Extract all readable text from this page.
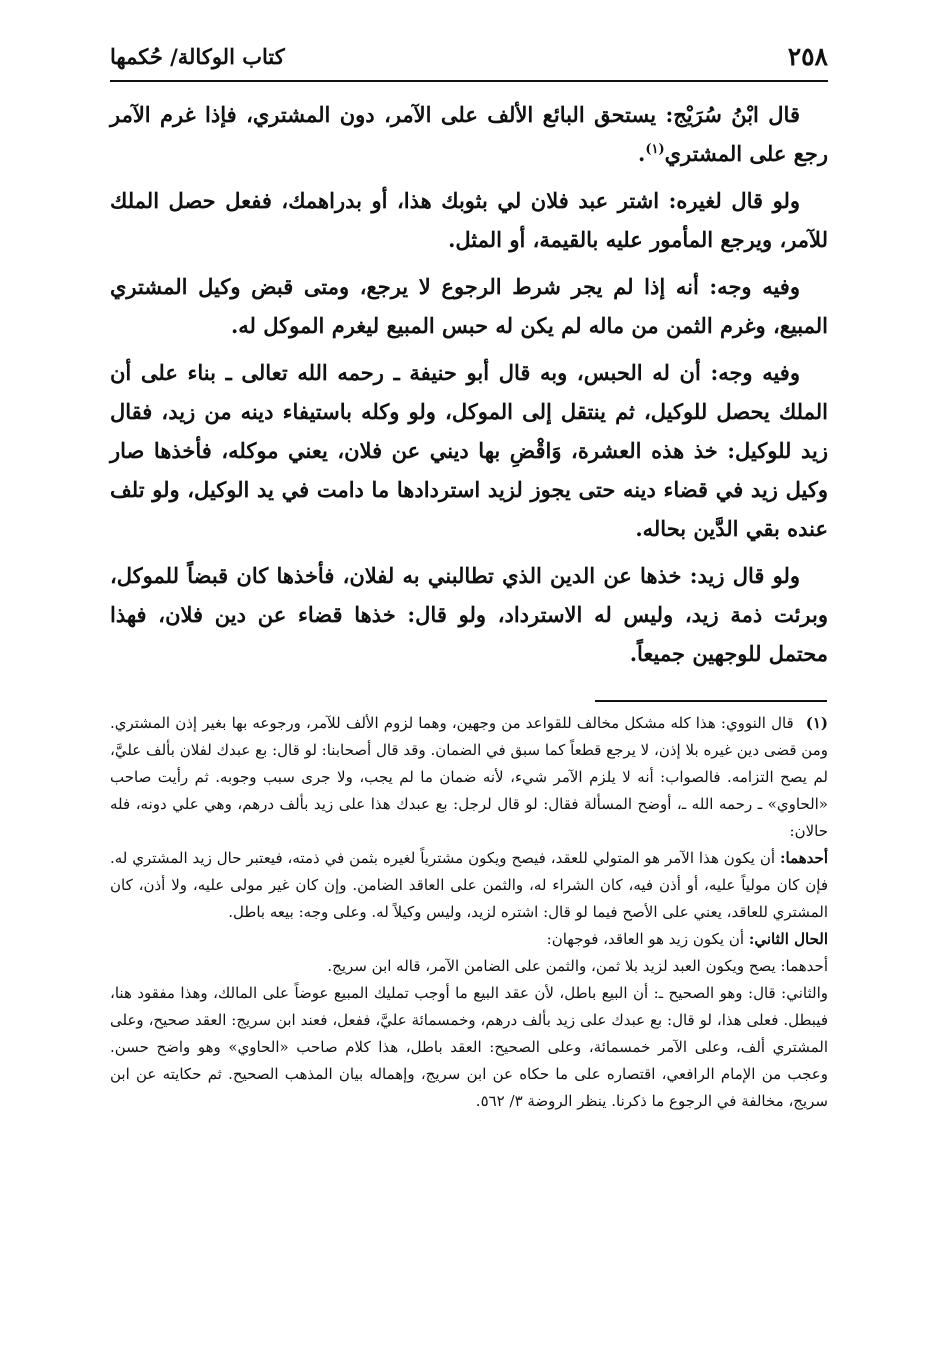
٢٥٨
كتاب الوكالة/ حُكمها

قال ابْنُ سُرَيْج: يستحق البائع الألف على الآمر، دون المشتري، فإذا غرم الآمر رجع على المشتري$^{(١)}$.

ولو قال لغيره: اشتر عبد فلان لي بثوبك هذا، أو بدراهمك، ففعل حصل الملك للآمر، ويرجع المأمور عليه بالقيمة، أو المثل.

وفيه وجه: أنه إذا لم يجر شرط الرجوع لا يرجع، ومتى قبض وكيل المشتري المبيع، وغرم الثمن من ماله لم يكن له حبس المبيع ليغرم الموكل له.

وفيه وجه: أن له الحبس، وبه قال أبو حنيفة ـ رحمه الله تعالى ـ بناء على أن الملك يحصل للوكيل، ثم ينتقل إلى الموكل، ولو وكله باستيفاء دينه من زيد، فقال زيد للوكيل: خذ هذه العشرة، وَاقْضِ بها ديني عن فلان، يعني موكله، فأخذها صار وكيل زيد في قضاء دينه حتى يجوز لزيد استردادها ما دامت في يد الوكيل، ولو تلف عنده بقي الدَّين بحاله.

ولو قال زيد: خذها عن الدين الذي تطالبني به لفلان، فأخذها كان قبضاً للموكل، وبرئت ذمة زيد، وليس له الاسترداد، ولو قال: خذها قضاء عن دين فلان، فهذا محتمل للوجهين جميعاً.

(١)قال النووي: هذا كله مشكل مخالف للقواعد من وجهين، وهما لزوم الألف للآمر، ورجوعه بها بغير إذن المشتري. ومن قضى دين غيره بلا إذن، لا يرجع قطعاً كما سبق في الضمان. وقد قال أصحابنا: لو قال: بع عبدك لفلان بألف عليَّ، لم يصح التزامه. فالصواب: أنه لا يلزم الآمر شيء، لأنه ضمان ما لم يجب، ولا جرى سبب وجوبه. ثم رأيت صاحب «الحاوي» ـ رحمه الله ـ، أوضح المسألة فقال: لو قال لرجل: بع عبدك هذا على زيد بألف درهم، وهي علي دونه، فله حالان:

أحدهما: أن يكون هذا الآمر هو المتولي للعقد، فيصح ويكون مشترياً لغيره بثمن في ذمته، فيعتبر حال زيد المشتري له. فإن كان مولياً عليه، أو أذن فيه، كان الشراء له، والثمن على العاقد الضامن. وإن كان غير مولى عليه، ولا أذن، كان المشتري للعاقد، يعني على الأصح فيما لو قال: اشتره لزيد، وليس وكيلاً له. وعلى وجه: بيعه باطل.

الحال الثاني: أن يكون زيد هو العاقد، فوجهان:

أحدهما: يصح ويكون العبد لزيد بلا ثمن، والثمن على الضامن الآمر، قاله ابن سريج.

والثاني: قال: وهو الصحيح ـ: أن البيع باطل، لأن عقد البيع ما أوجب تمليك المبيع عوضاً على المالك، وهذا مفقود هنا، فيبطل. فعلى هذا، لو قال: بع عبدك على زيد بألف درهم، وخمسمائة عليَّ، ففعل، فعند ابن سريج: العقد صحيح، وعلى المشتري ألف، وعلى الآمر خمسمائة، وعلى الصحيح: العقد باطل، هذا كلام صاحب «الحاوي» وهو واضح حسن. وعجب من الإمام الرافعي، اقتصاره على ما حكاه عن ابن سريج، وإهماله بيان المذهب الصحيح. ثم حكايته عن ابن سريج، مخالفة في الرجوع ما ذكرنا. ينظر الروضة ٣/ ٥٦٢.
